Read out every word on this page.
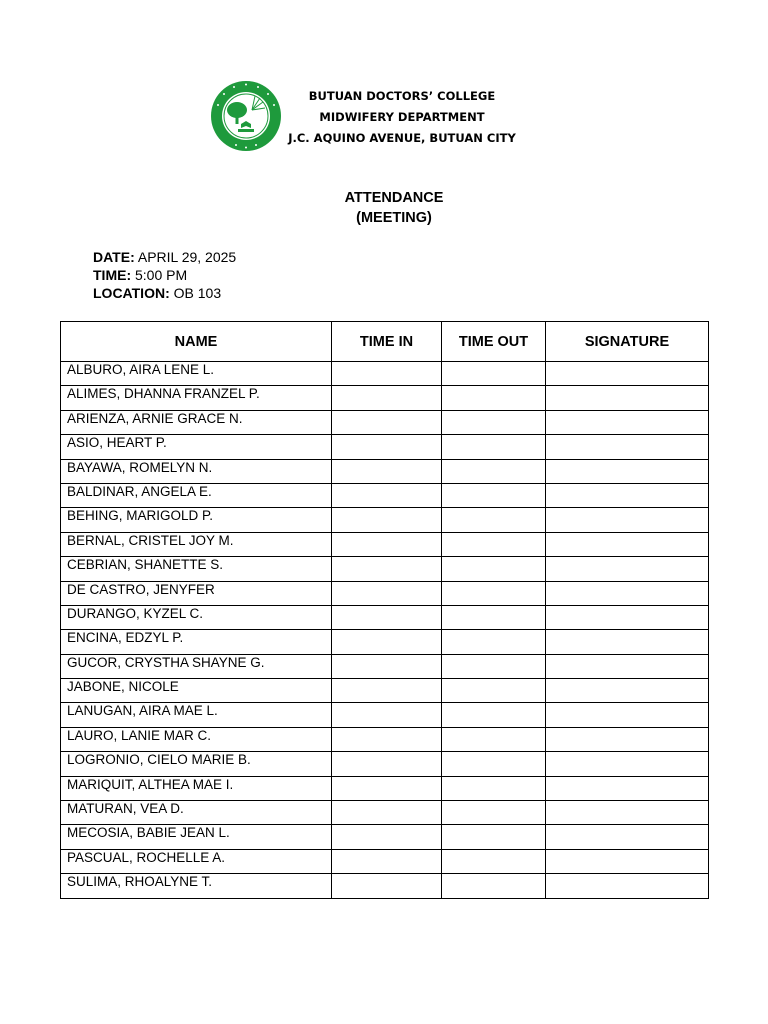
BUTUAN DOCTORS’ COLLEGE
MIDWIFERY DEPARTMENT
J.C. AQUINO AVENUE, BUTUAN CITY
ATTENDANCE
(MEETING)
DATE: APRIL 29, 2025
TIME: 5:00 PM
LOCATION: OB 103
NAME	TIME IN	TIME OUT	SIGNATURE
ALBURO, AIRA LENE L.			
ALIMES, DHANNA FRANZEL P.			
ARIENZA, ARNIE GRACE N.			
ASIO, HEART P.			
BAYAWA, ROMELYN N.			
BALDINAR, ANGELA E.			
BEHING, MARIGOLD P.			
BERNAL, CRISTEL JOY M.			
CEBRIAN, SHANETTE S.			
DE CASTRO, JENYFER			
DURANGO, KYZEL C.			
ENCINA, EDZYL P.			
GUCOR, CRYSTHA SHAYNE G.			
JABONE, NICOLE			
LANUGAN, AIRA MAE L.			
LAURO, LANIE MAR C.			
LOGRONIO, CIELO MARIE B.			
MARIQUIT, ALTHEA MAE I.			
MATURAN, VEA D.			
MECOSIA, BABIE JEAN L.			
PASCUAL, ROCHELLE A.			
SULIMA, RHOALYNE T.			
